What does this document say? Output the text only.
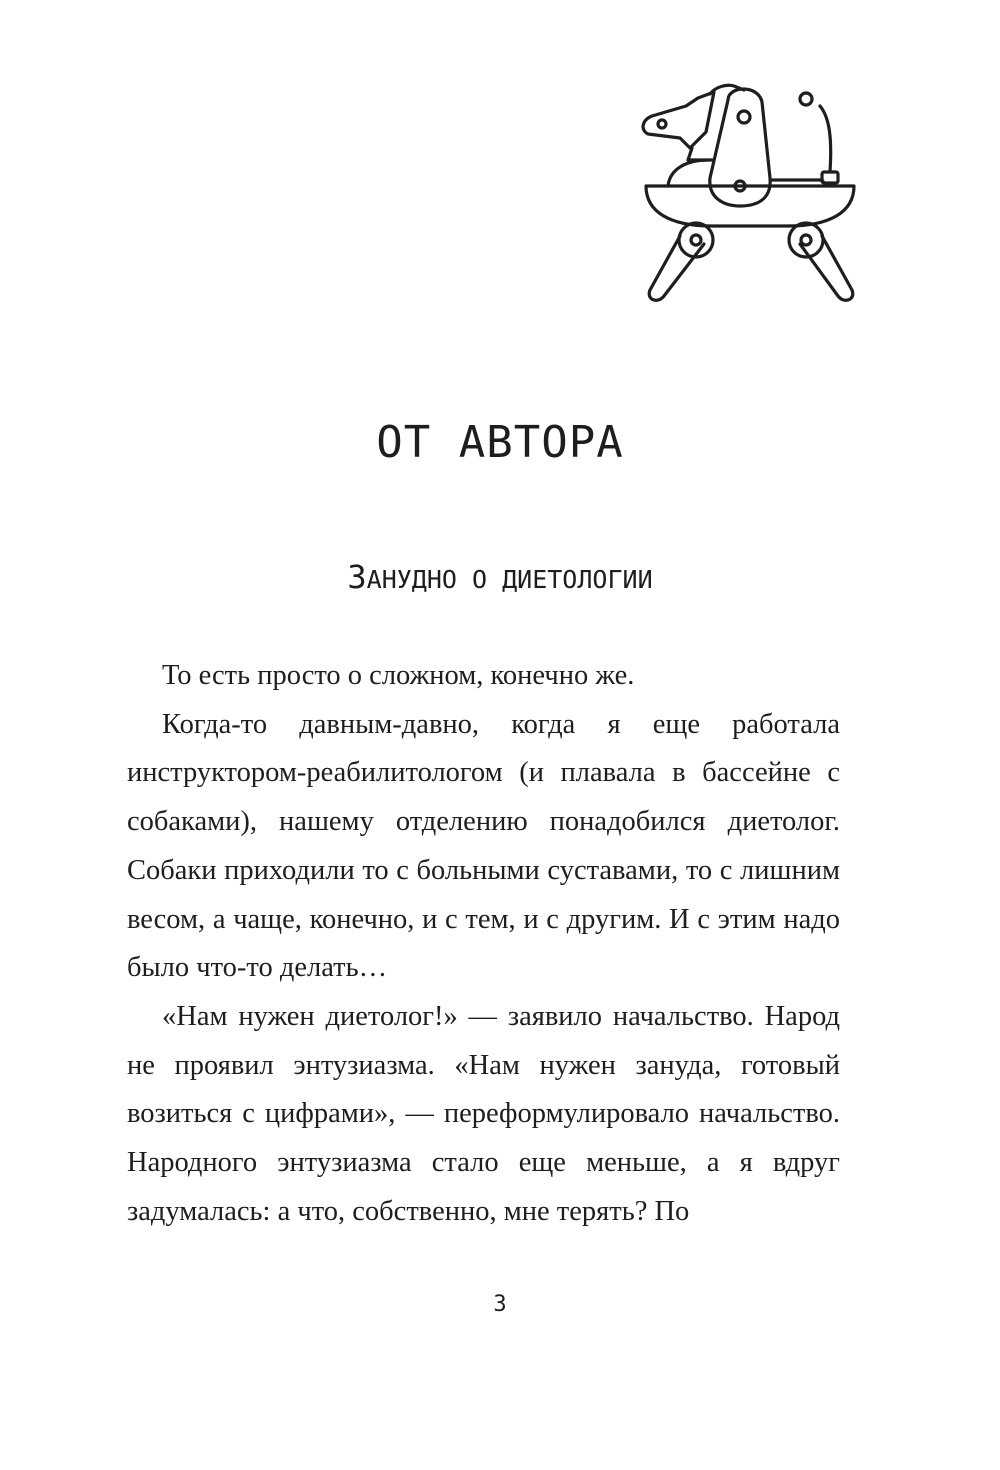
ОТ АВТОРА
ЗАНУДНО О ДИЕТОЛОГИИ

То есть просто о сложном, конечно же.

Когда-то давным-давно, когда я еще работала инструктором-реабилитологом (и плавала в бассейне с собаками), нашему отделению понадобился диетолог. Собаки приходили то с больными суставами, то с лишним весом, а чаще, конечно, и с тем, и с другим. И с этим надо было что-то делать…

«Нам нужен диетолог!» — заявило начальство. Народ не проявил энтузиазма. «Нам нужен зануда, готовый возиться с цифрами», — переформулировало начальство. Народного энтузиазма стало еще меньше, а я вдруг задумалась: а что, собственно, мне терять? По

3
